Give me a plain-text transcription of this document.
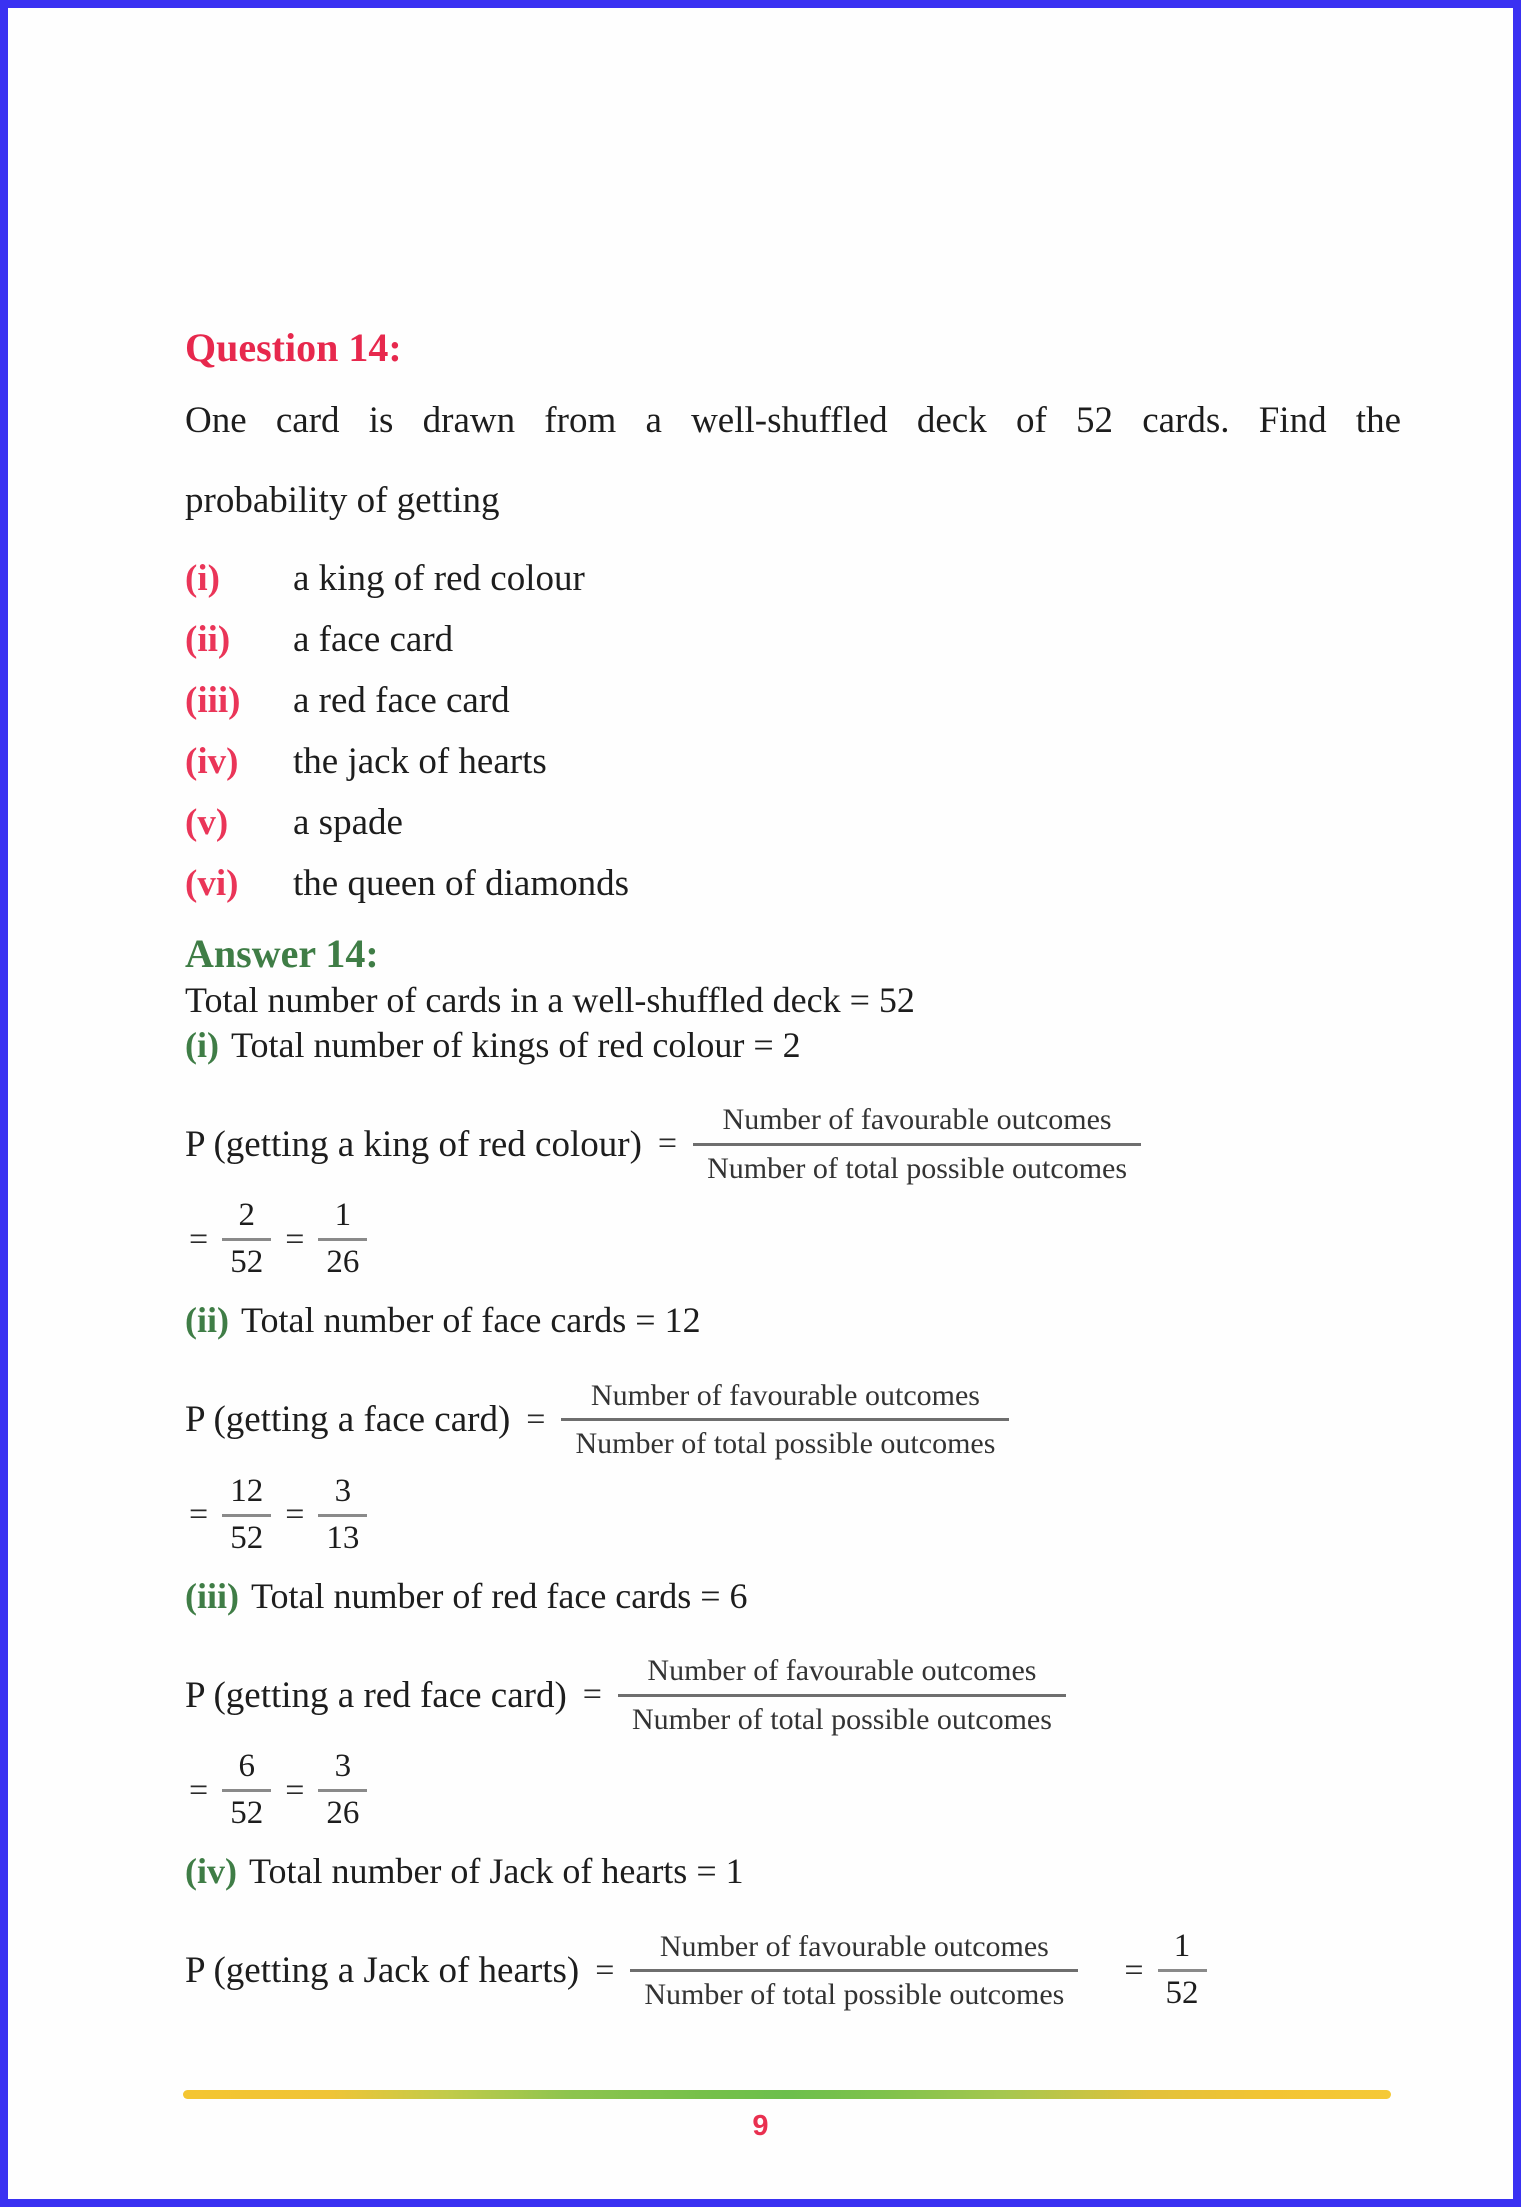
Question 14:

One card is drawn from a well-shuffled deck of 52 cards. Find the

probability of getting

(i)	a king of red colour
(ii)	a face card
(iii)	a red face card
(iv)	the jack of hearts
(v)	a spade
(vi)	the queen of diamonds
Answer 14:

Total number of cards in a well-shuffled deck = 52

(i) Total number of kings of red colour = 2

P (getting a king of red colour) = $\frac{\text{Number of favourable outcomes}}{\text{Number of total possible outcomes}}$
= $\frac{2}{52} = \frac{1}{26}$

(ii) Total number of face cards = 12

P (getting a face card) = $\frac{\text{Number of favourable outcomes}}{\text{Number of total possible outcomes}}$
= $\frac{12}{52} = \frac{3}{13}$

(iii) Total number of red face cards = 6

P (getting a red face card) = $\frac{\text{Number of favourable outcomes}}{\text{Number of total possible outcomes}}$
= $\frac{6}{52} = \frac{3}{26}$

(iv) Total number of Jack of hearts = 1

P (getting a Jack of hearts) = $\frac{\text{Number of favourable outcomes}}{\text{Number of total possible outcomes}} = \frac{1}{52}$
9
